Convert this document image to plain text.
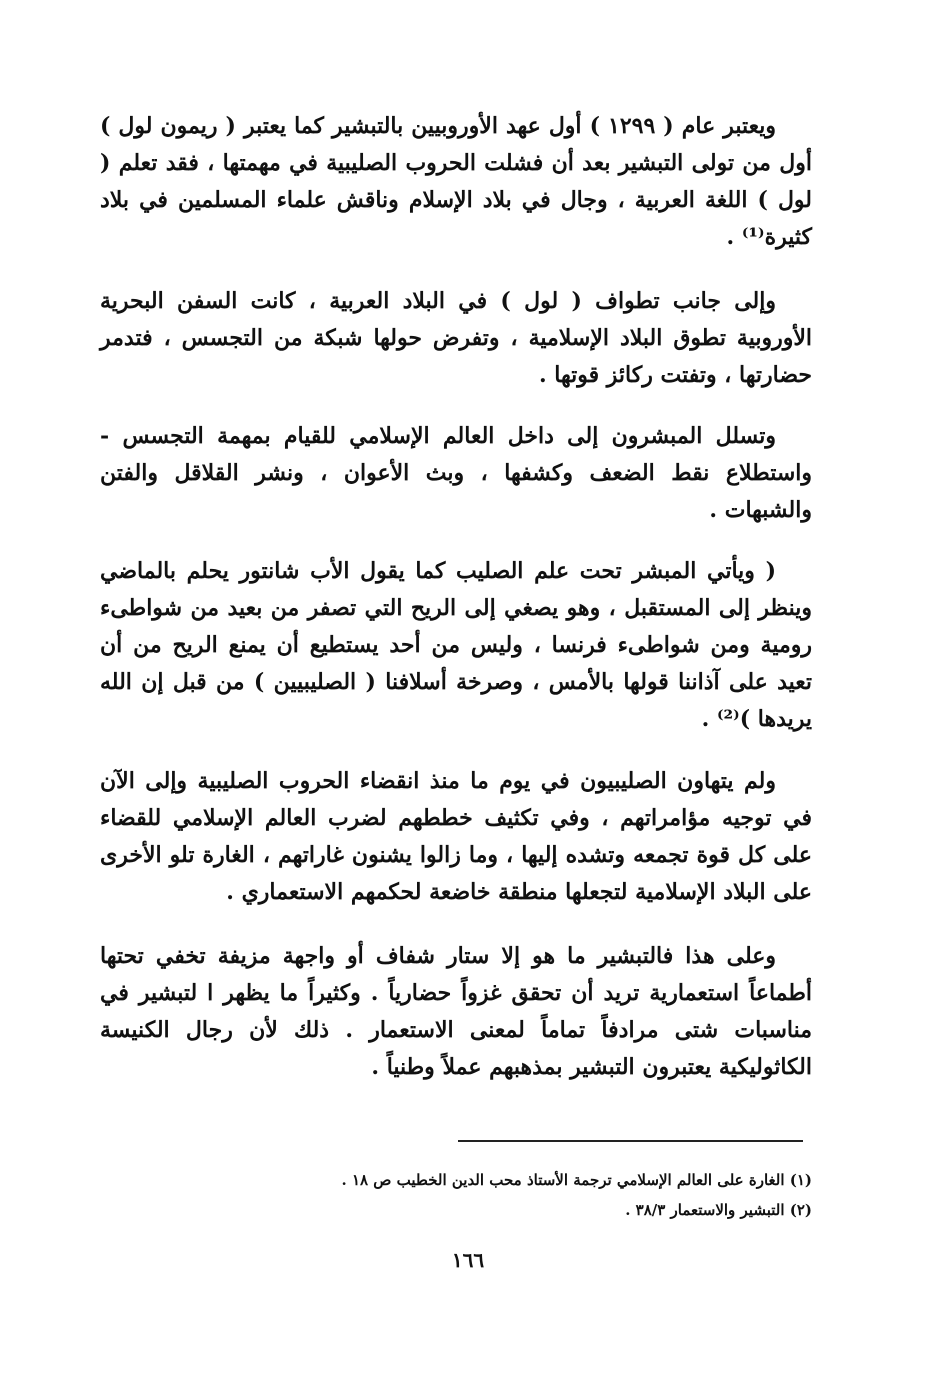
ويعتبر عام ( ١٢٩٩ ) أول عهد الأوروبيين بالتبشير كما يعتبر ( ريمون لول ) أول من تولى التبشير بعد أن فشلت الحروب الصليبية في مهمتها ، فقد تعلم ( لول ) اللغة العربية ، وجال في بلاد الإسلام وناقش علماء المسلمين في بلاد كثيرة⁽¹⁾ .

وإلى جانب تطواف ( لول ) في البلاد العربية ، كانت السفن البحرية الأوروبية تطوق البلاد الإسلامية ، وتفرض حولها شبكة من التجسس ، فتدمر حضارتها ، وتفتت ركائز قوتها .

وتسلل المبشرون إلى داخل العالم الإسلامي للقيام بمهمة التجسس - واستطلاع نقط الضعف وكشفها ، وبث الأعوان ، ونشر القلاقل والفتن والشبهات .

( ويأتي المبشر تحت علم الصليب كما يقول الأب شانتور يحلم بالماضي وينظر إلى المستقبل ، وهو يصغي إلى الريح التي تصفر من بعيد من شواطىء رومية ومن شواطىء فرنسا ، وليس من أحد يستطيع أن يمنع الريح من أن تعيد على آذاننا قولها بالأمس ، وصرخة أسلافنا ( الصليبيين ) من قبل إن الله يريدها )⁽²⁾ .

ولم يتهاون الصليبيون في يوم ما منذ انقضاء الحروب الصليبية وإلى الآن في توجيه مؤامراتهم ، وفي تكثيف خططهم لضرب العالم الإسلامي للقضاء على كل قوة تجمعه وتشده إليها ، وما زالوا يشنون غاراتهم ، الغارة تلو الأخرى على البلاد الإسلامية لتجعلها منطقة خاضعة لحكمهم الاستعماري .

وعلى هذا فالتبشير ما هو إلا ستار شفاف أو واجهة مزيفة تخفي تحتها أطماعاً استعمارية تريد أن تحقق غزواً حضارياً . وكثيراً ما يظهر ا لتبشير في مناسبات شتى مرادفاً تماماً لمعنى الاستعمار . ذلك لأن رجال الكنيسة الكاثوليكية يعتبرون التبشير بمذهبهم عملاً وطنياً .

(١) الغارة على العالم الإسلامي ترجمة الأستاذ محب الدين الخطيب ص ١٨ .
(٢) التبشير والاستعمار ٣٨/٣ .
١٦٦
